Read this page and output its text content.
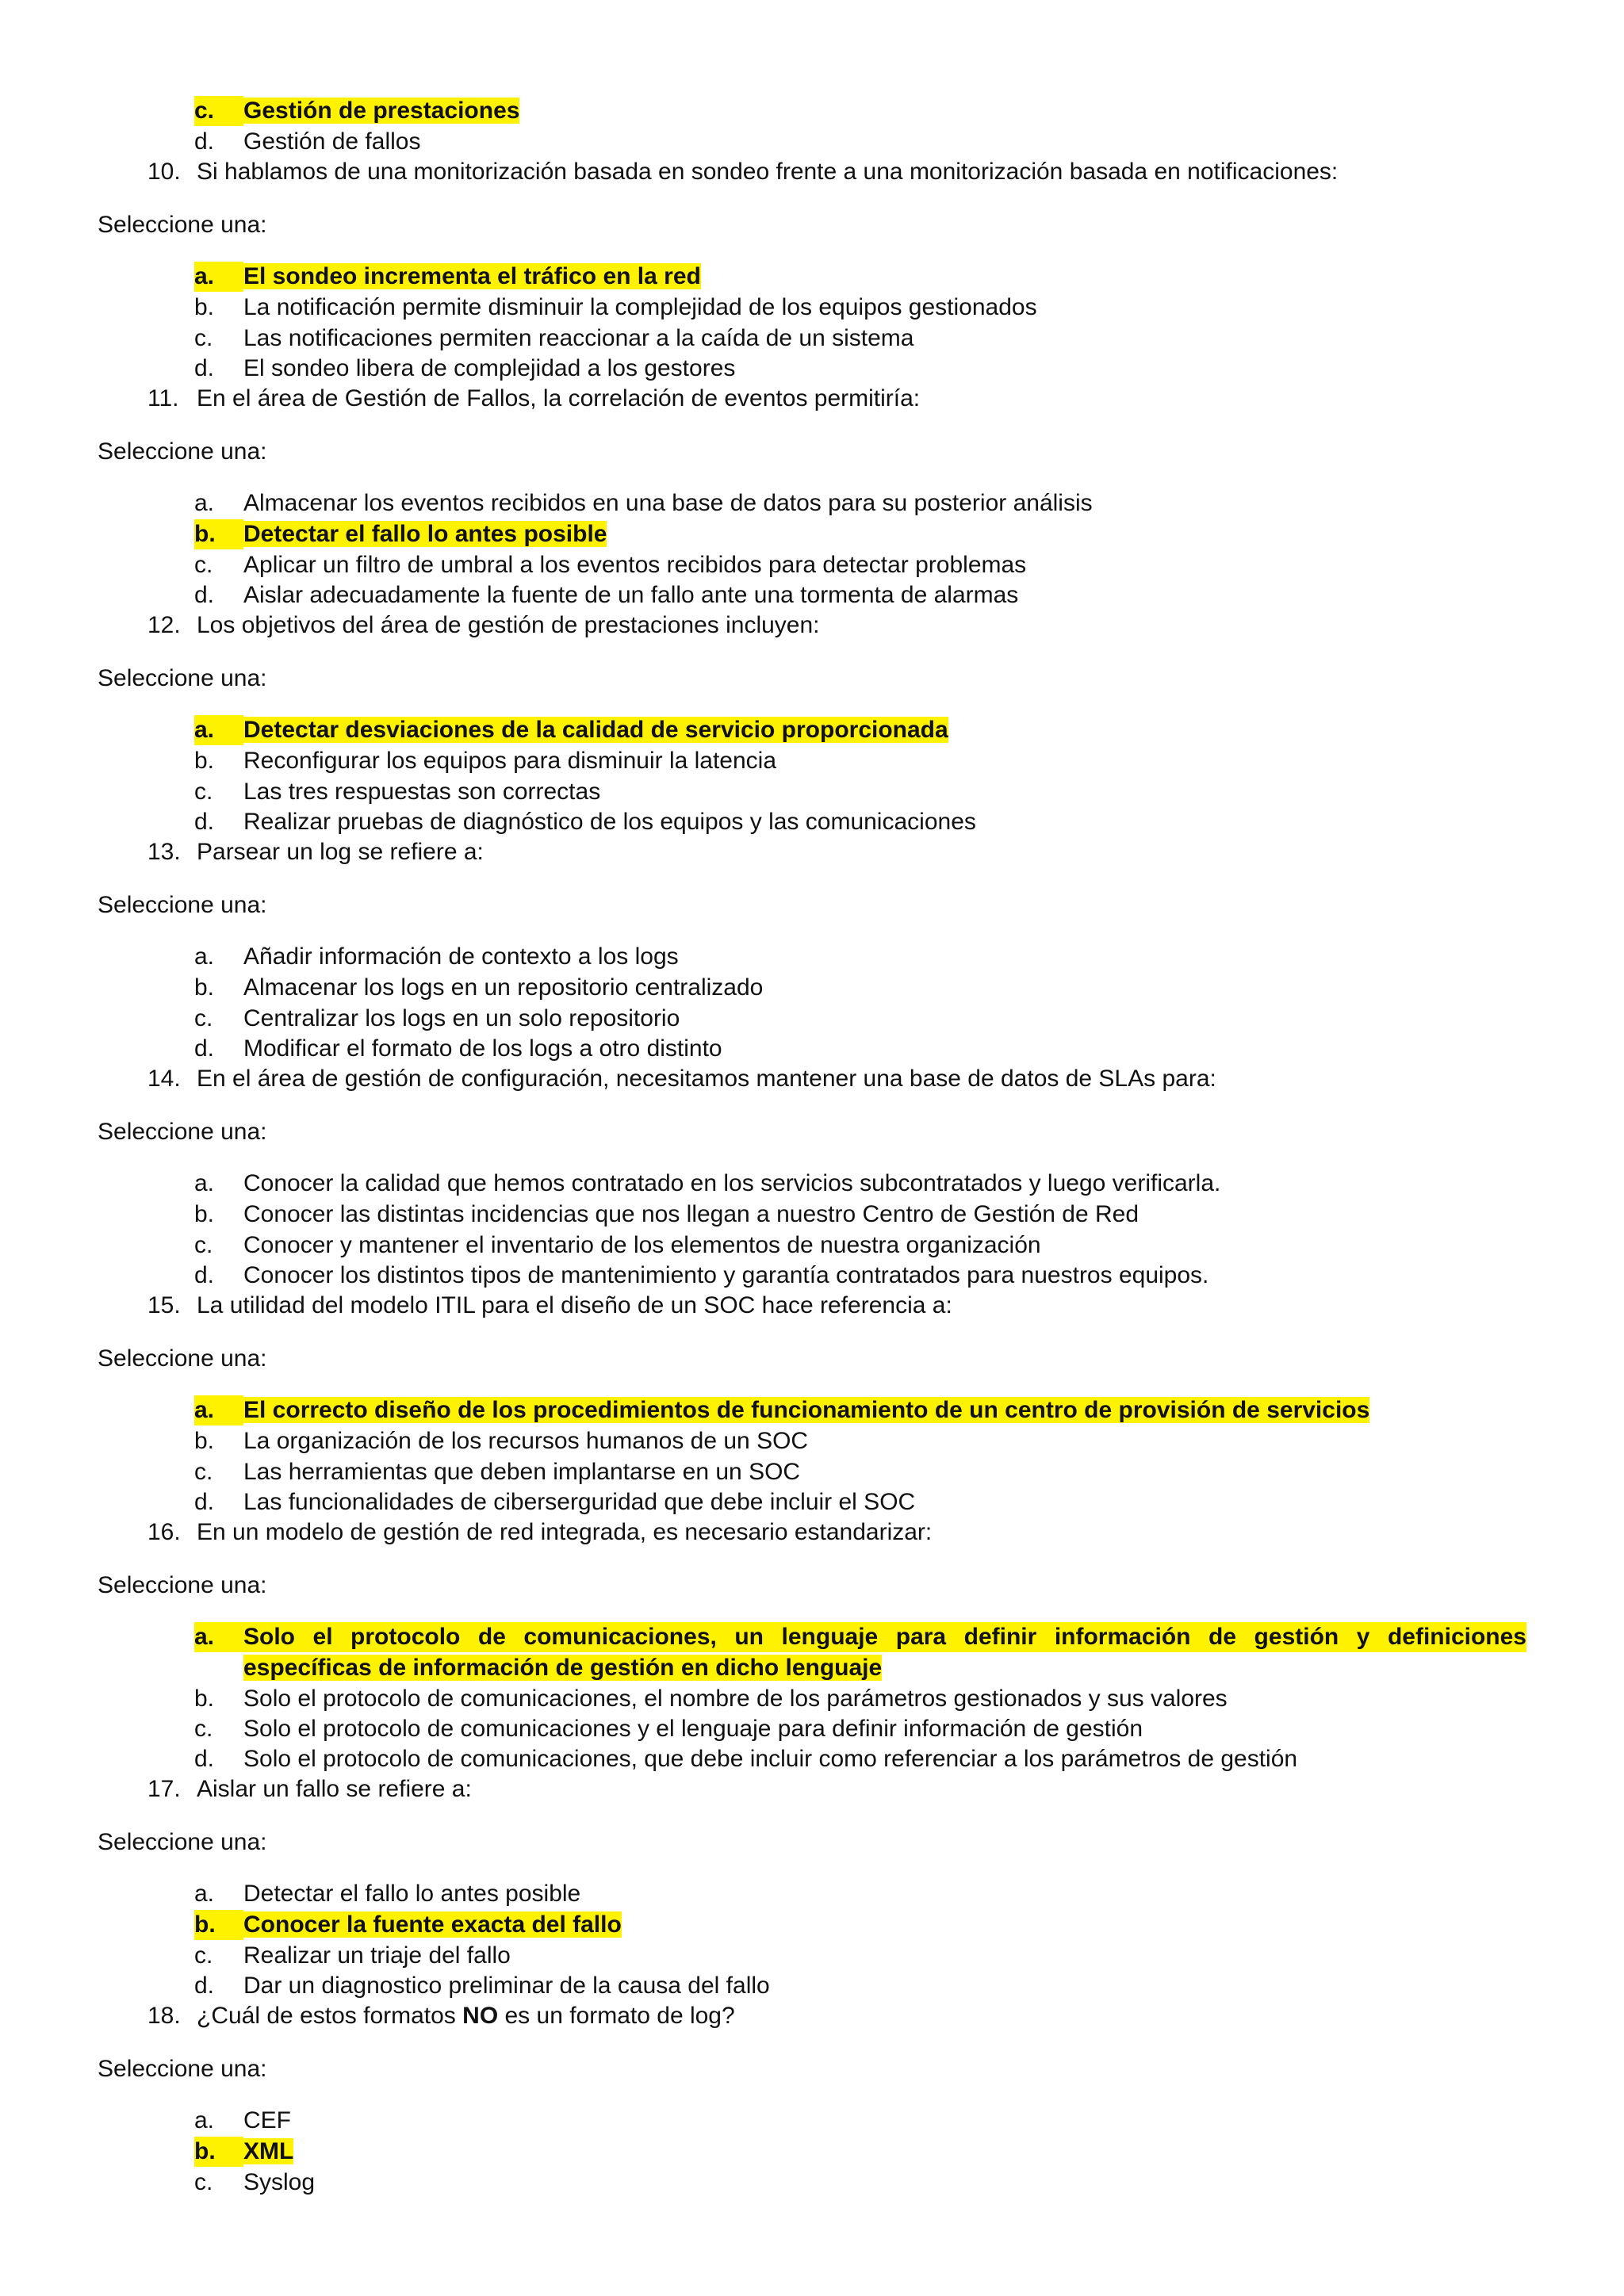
c.	Gestión de prestaciones
d.	Gestión de fallos
10. Si hablamos de una monitorización basada en sondeo frente a una monitorización basada en notificaciones:
Seleccione una:
a.	El sondeo incrementa el tráfico en la red
b.	La notificación permite disminuir la complejidad de los equipos gestionados
c.	Las notificaciones permiten reaccionar a la caída de un sistema
d.	El sondeo libera de complejidad a los gestores
11. En el área de Gestión de Fallos, la correlación de eventos permitiría:
Seleccione una:
a.	Almacenar los eventos recibidos en una base de datos para su posterior análisis
b.	Detectar el fallo lo antes posible
c.	Aplicar un filtro de umbral a los eventos recibidos para detectar problemas
d.	Aislar adecuadamente la fuente de un fallo ante una tormenta de alarmas
12. Los objetivos del área de gestión de prestaciones incluyen:
Seleccione una:
a.	Detectar desviaciones de la calidad de servicio proporcionada
b.	Reconfigurar los equipos para disminuir la latencia
c.	Las tres respuestas son correctas
d.	Realizar pruebas de diagnóstico de los equipos y las comunicaciones
13. Parsear un log se refiere a:
Seleccione una:
a.	Añadir información de contexto a los logs
b.	Almacenar los logs en un repositorio centralizado
c.	Centralizar los logs en un solo repositorio
d.	Modificar el formato de los logs a otro distinto
14. En el área de gestión de configuración, necesitamos mantener una base de datos de SLAs para:
Seleccione una:
a.	Conocer la calidad que hemos contratado en los servicios subcontratados y luego verificarla.
b.	Conocer las distintas incidencias que nos llegan a nuestro Centro de Gestión de Red
c.	Conocer y mantener el inventario de los elementos de nuestra organización
d.	Conocer los distintos tipos de mantenimiento y garantía contratados para nuestros equipos.
15. La utilidad del modelo ITIL para el diseño de un SOC hace referencia a:
Seleccione una:
a.	El correcto diseño de los procedimientos de funcionamiento de un centro de provisión de servicios
b.	La organización de los recursos humanos de un SOC
c.	Las herramientas que deben implantarse en un SOC
d.	Las funcionalidades de ciberserguridad que debe incluir el SOC
16. En un modelo de gestión de red integrada, es necesario estandarizar:
Seleccione una:
a.	Solo el protocolo de comunicaciones, un lenguaje para definir información de gestión y definiciones
específicas de información de gestión en dicho lenguaje
b.	Solo el protocolo de comunicaciones, el nombre de los parámetros gestionados y sus valores
c.	Solo el protocolo de comunicaciones y el lenguaje para definir información de gestión
d.	Solo el protocolo de comunicaciones, que debe incluir como referenciar a los parámetros de gestión
17. Aislar un fallo se refiere a:
Seleccione una:
a.	Detectar el fallo lo antes posible
b.	Conocer la fuente exacta del fallo
c.	Realizar un triaje del fallo
d.	Dar un diagnostico preliminar de la causa del fallo
18. ¿Cuál de estos formatos NO es un formato de log?
Seleccione una:
a.	CEF
b.	XML
c.	Syslog
